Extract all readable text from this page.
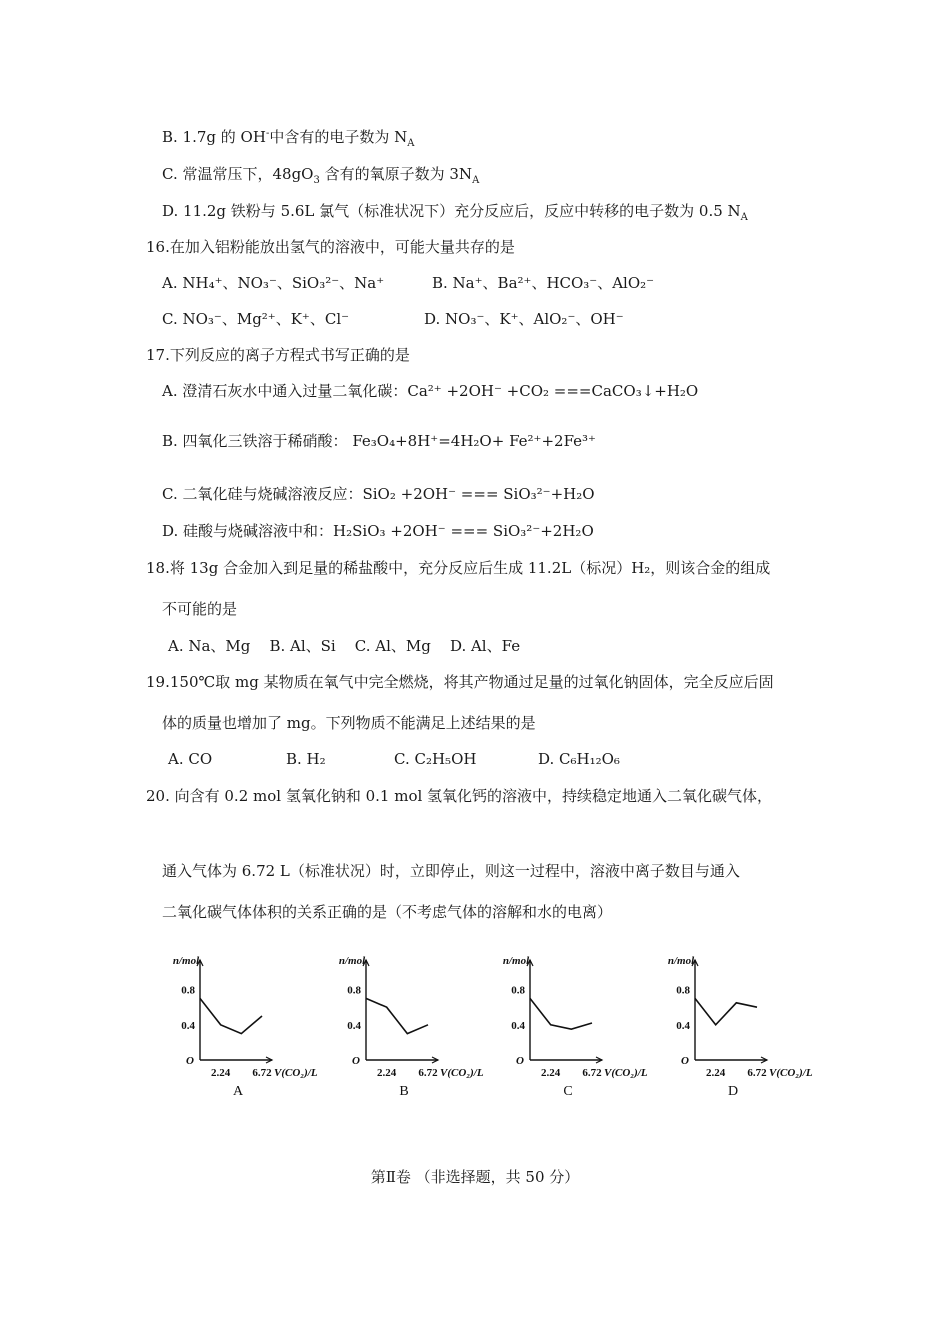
B. 1.7g 的 OH-中含有的电子数为 $N_A$
C. 常温常压下，$48gO_3$ 含有的氧原子数为 $3N_A$
D. 11.2g 铁粉与 5.6L 氯气（标准状况下）充分反应后，反应中转移的电子数为 0.5 $N_A$
16.在加入铝粉能放出氢气的溶液中，可能大量共存的是
A. NH₄⁺、NO₃⁻、SiO₃²⁻、Na⁺	B. Na⁺、Ba²⁺、HCO₃⁻、AlO₂⁻
C. NO₃⁻、Mg²⁺、K⁺、Cl⁻	D. NO₃⁻、K⁺、AlO₂⁻、OH⁻
17.下列反应的离子方程式书写正确的是
A. 澄清石灰水中通入过量二氧化碳：Ca²⁺ +2OH⁻ +CO₂ ===CaCO₃↓+H₂O
B. 四氧化三铁溶于稀硝酸： Fe₃O₄+8H⁺=4H₂O+ Fe²⁺+2Fe³⁺
C. 二氧化硅与烧碱溶液反应：SiO₂ +2OH⁻ === SiO₃²⁻+H₂O
D. 硅酸与烧碱溶液中和：H₂SiO₃ +2OH⁻ === SiO₃²⁻+2H₂O
18.将 13g 合金加入到足量的稀盐酸中，充分反应后生成 11.2L（标况）H₂，则该合金的组成
不可能的是
A. Na、Mg    B. Al、Si    C. Al、Mg    D. Al、Fe
19.150℃取 mg 某物质在氧气中完全燃烧，将其产物通过足量的过氧化钠固体，完全反应后固
体的质量也增加了 mg。下列物质不能满足上述结果的是
A. CO	B. H₂	C. C₂H₅OH	D. C₆H₁₂O₆
20. 向含有 0.2 mol 氢氧化钠和 0.1 mol 氢氧化钙的溶液中，持续稳定地通入二氧化碳气体，
通入气体为 6.72 L（标准状况）时，立即停止，则这一过程中，溶液中离子数目与通入
二氧化碳气体体积的关系正确的是（不考虑气体的溶解和水的电离）
n/mol
O
0.8
0.4
2.24 6.72 V(CO₂)/L
A
n/mol
O
0.8
0.4
2.24 6.72 V(CO₂)/L
B
n/mol
O
0.8
0.4
2.24 6.72 V(CO₂)/L
C
n/mol
O
0.8
0.4
2.24 6.72 V(CO₂)/L
D
第Ⅱ卷 （非选择题，共 50 分）
